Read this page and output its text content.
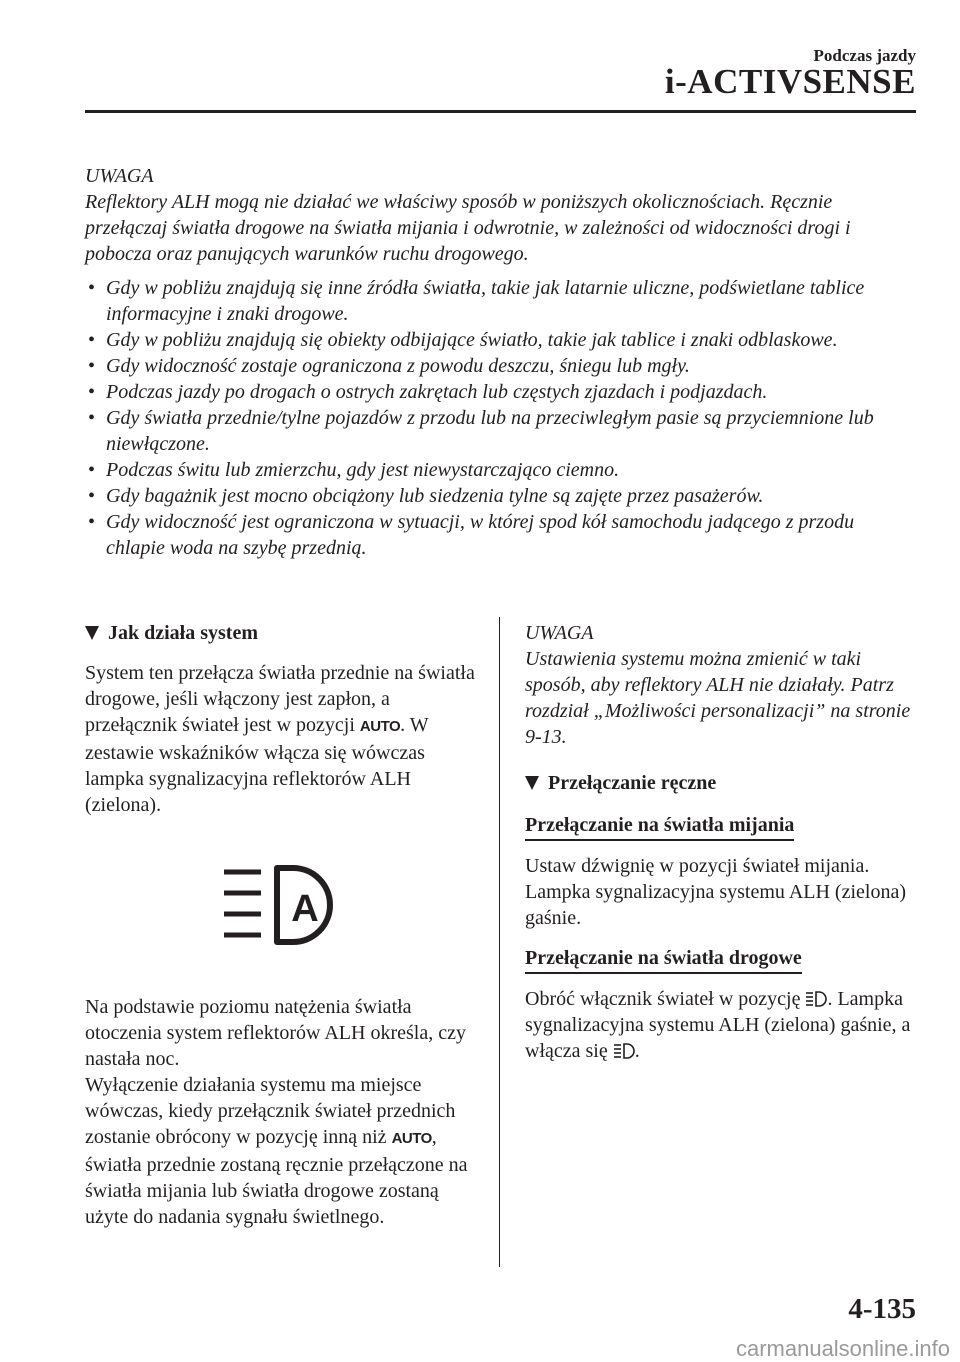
Podczas jazdy
i-ACTIVSENSE

UWAGA

Reflektory ALH mogą nie działać we właściwy sposób w poniższych okolicznościach. Ręcznie przełączaj światła drogowe na światła mijania i odwrotnie, w zależności od widoczności drogi i pobocza oraz panujących warunków ruchu drogowego.

• Gdy w pobliżu znajdują się inne źródła światła, takie jak latarnie uliczne, podświetlane tablice informacyjne i znaki drogowe.
• Gdy w pobliżu znajdują się obiekty odbijające światło, takie jak tablice i znaki odblaskowe.
• Gdy widoczność zostaje ograniczona z powodu deszczu, śniegu lub mgły.
• Podczas jazdy po drogach o ostrych zakrętach lub częstych zjazdach i podjazdach.
• Gdy światła przednie/tylne pojazdów z przodu lub na przeciwległym pasie są przyciemnione lub niewłączone.
• Podczas świtu lub zmierzchu, gdy jest niewystarczająco ciemno.
• Gdy bagażnik jest mocno obciążony lub siedzenia tylne są zajęte przez pasażerów.
• Gdy widoczność jest ograniczona w sytuacji, w której spod kół samochodu jadącego z przodu chlapie woda na szybę przednią.

Jak działa system

System ten przełącza światła przednie na światła drogowe, jeśli włączony jest zapłon, a przełącznik świateł jest w pozycji AUTO. W zestawie wskaźników włącza się wówczas lampka sygnalizacyjna reflektorów ALH (zielona).

A

Na podstawie poziomu natężenia światła otoczenia system reflektorów ALH określa, czy nastała noc.

Wyłączenie działania systemu ma miejsce wówczas, kiedy przełącznik świateł przednich zostanie obrócony w pozycję inną niż AUTO, światła przednie zostaną ręcznie przełączone na światła mijania lub światła drogowe zostaną użyte do nadania sygnału świetlnego.

UWAGA

Ustawienia systemu można zmienić w taki sposób, aby reflektory ALH nie działały. Patrz rozdział „Możliwości personalizacji” na stronie 9-13.

Przełączanie ręczne

Przełączanie na światła mijania

Ustaw dźwignię w pozycji świateł mijania. Lampka sygnalizacyjna systemu ALH (zielona) gaśnie.

Przełączanie na światła drogowe

Obróć włącznik świateł w pozycję . Lampka sygnalizacyjna systemu ALH (zielona) gaśnie, a włącza się .

4-135
carmanualsonline.info
